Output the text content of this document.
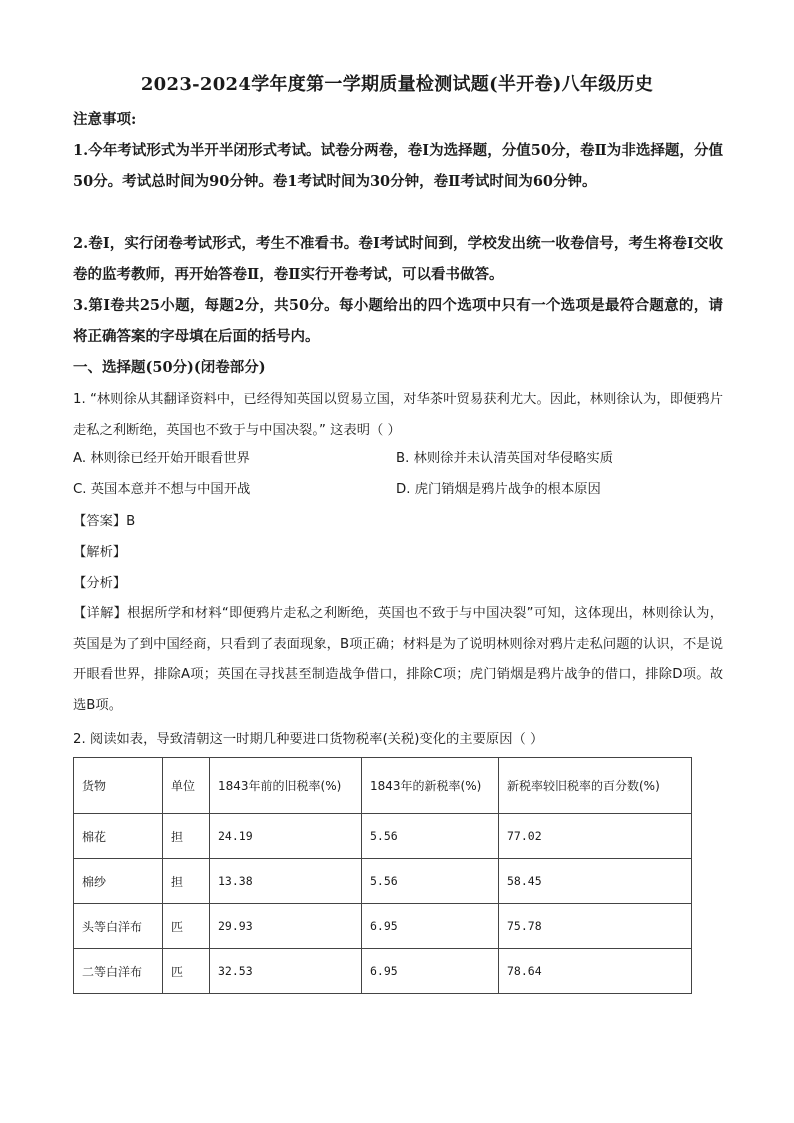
2023-2024学年度第一学期质量检测试题(半开卷)八年级历史
注意事项:
1.今年考试形式为半开半闭形式考试。试卷分两卷，卷Ⅰ为选择题，分值50分，卷Ⅱ为非选择题，分值50分。考试总时间为90分钟。卷1考试时间为30分钟，卷Ⅱ考试时间为60分钟。
2.卷Ⅰ，实行闭卷考试形式，考生不准看书。卷Ⅰ考试时间到，学校发出统一收卷信号，考生将卷Ⅰ交收卷的监考教师，再开始答卷Ⅱ，卷Ⅱ实行开卷考试，可以看书做答。
3.第Ⅰ卷共25小题，每题2分，共50分。每小题给出的四个选项中只有一个选项是最符合题意的，请将正确答案的字母填在后面的括号内。
一、选择题(50分)(闭卷部分)
1. “林则徐从其翻译资料中，已经得知英国以贸易立国，对华茶叶贸易获利尤大。因此，林则徐认为，即便鸦片走私之利断绝，英国也不致于与中国决裂。” 这表明（ ）
A. 林则徐已经开始开眼看世界	B. 林则徐并未认清英国对华侵略实质
C. 英国本意并不想与中国开战	D. 虎门销烟是鸦片战争的根本原因
【答案】B
【解析】
【分析】
【详解】根据所学和材料“即便鸦片走私之利断绝，英国也不致于与中国决裂”可知，这体现出，林则徐认为，英国是为了到中国经商，只看到了表面现象，B项正确；材料是为了说明林则徐对鸦片走私问题的认识，不是说开眼看世界，排除A项；英国在寻找甚至制造战争借口，排除C项；虎门销烟是鸦片战争的借口，排除D项。故选B项。
2. 阅读如表，导致清朝这一时期几种要进口货物税率(关税)变化的主要原因（ ）
货物	单位	1843年前的旧税率(%)	1843年的新税率(%)	新税率较旧税率的百分数(%)
棉花	担	24.19	5.56	77.02
棉纱	担	13.38	5.56	58.45
头等白洋布	匹	29.93	6.95	75.78
二等白洋布	匹	32.53	6.95	78.64
